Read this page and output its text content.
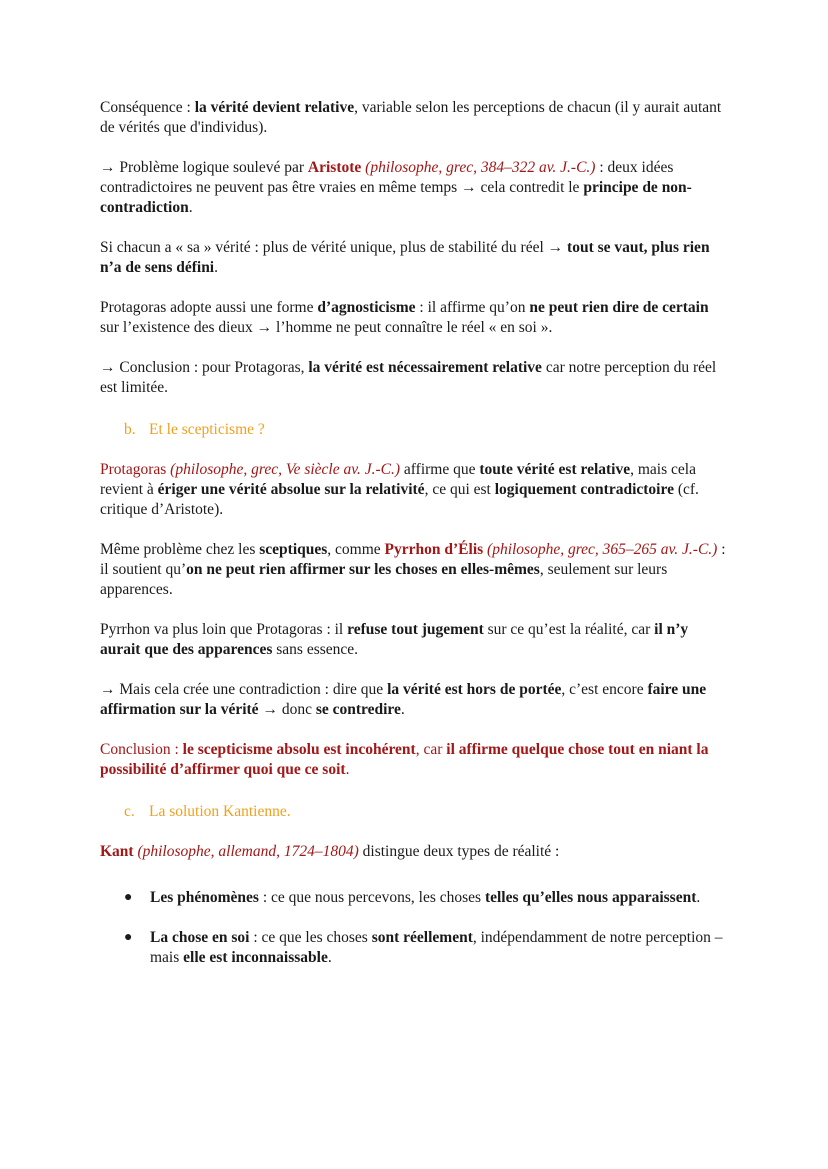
Conséquence : la vérité devient relative, variable selon les perceptions de chacun (il y aurait autant de vérités que d'individus).

→ Problème logique soulevé par Aristote (philosophe, grec, 384–322 av. J.-C.) : deux idées contradictoires ne peuvent pas être vraies en même temps → cela contredit le principe de non-contradiction.

Si chacun a « sa » vérité : plus de vérité unique, plus de stabilité du réel → tout se vaut, plus rien n’a de sens défini.

Protagoras adopte aussi une forme d’agnosticisme : il affirme qu’on ne peut rien dire de certain sur l’existence des dieux → l’homme ne peut connaître le réel « en soi ».

→ Conclusion : pour Protagoras, la vérité est nécessairement relative car notre perception du réel est limitée.

b. Et le scepticisme ?

Protagoras (philosophe, grec, Ve siècle av. J.-C.) affirme que toute vérité est relative, mais cela revient à ériger une vérité absolue sur la relativité, ce qui est logiquement contradictoire (cf. critique d’Aristote).

Même problème chez les sceptiques, comme Pyrrhon d’Élis (philosophe, grec, 365–265 av. J.-C.) : il soutient qu’on ne peut rien affirmer sur les choses en elles-mêmes, seulement sur leurs apparences.

Pyrrhon va plus loin que Protagoras : il refuse tout jugement sur ce qu’est la réalité, car il n’y aurait que des apparences sans essence.

→ Mais cela crée une contradiction : dire que la vérité est hors de portée, c’est encore faire une affirmation sur la vérité → donc se contredire.

Conclusion : le scepticisme absolu est incohérent, car il affirme quelque chose tout en niant la possibilité d’affirmer quoi que ce soit.

c. La solution Kantienne.

Kant (philosophe, allemand, 1724–1804) distingue deux types de réalité :

● Les phénomènes : ce que nous percevons, les choses telles qu’elles nous apparaissent.
● La chose en soi : ce que les choses sont réellement, indépendamment de notre perception – mais elle est inconnaissable.
